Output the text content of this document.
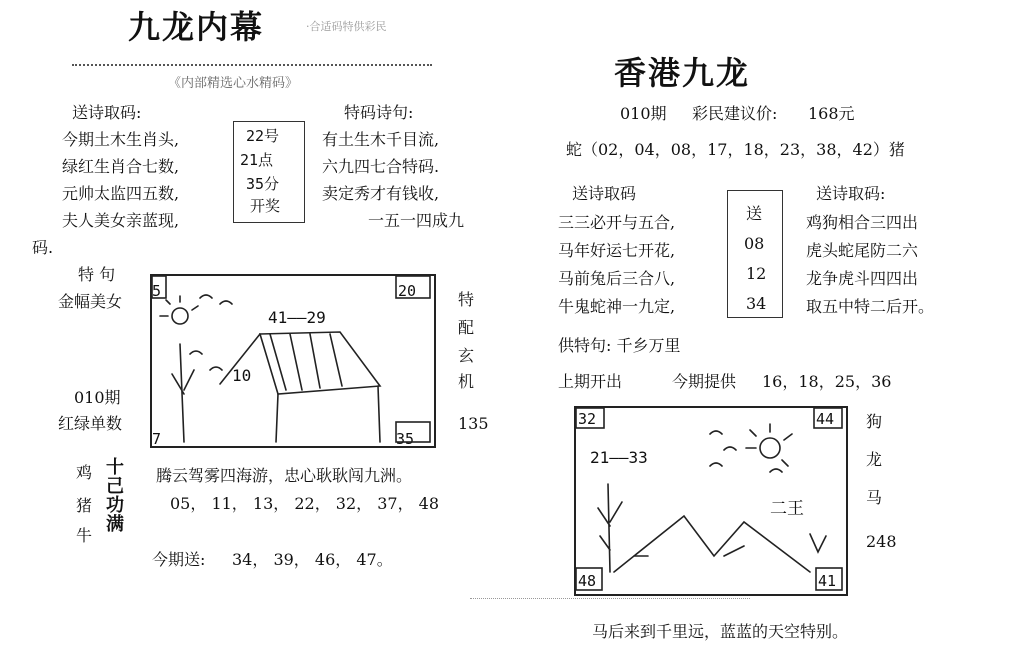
九龙内幕	·合适码特供彩民
《内部精选心水精码》
送诗取码:	特码诗句:
今期土木生肖头,
绿红生肖合七数,
元帅太监四五数,
夫人美女亲蓝现,
22号
21点
35分
开奖
有土生木千目流,
六九四七合特码.
卖定秀才有钱收,
一五一四成九
码.
特 句
金幅美女
010期
红绿单数
5	20
7	35
41——29
10
特
配
玄
机
135
鸡
猪
牛
十
己
功
满
腾云驾雾四海游，忠心耿耿闯九洲。
05， 11， 13， 22， 32， 37， 48
今期送: 34， 39， 46， 47。
香港九龙
010期 彩民建议价: 168元
蛇（02，04，08，17，18，23，38，42）猪
送诗取码	送诗取码:
三三必开与五合,
马年好运七开花,
马前兔后三合八,
牛鬼蛇神一九定,
送
08
12
34
鸡狗相合三四出
虎头蛇尾防二六
龙争虎斗四四出
取五中特二后开。
供特句: 千乡万里
上期开出	今期提供 16，18，25，36
32	44
48	41
21——33
二王
狗
龙
马
248
马后来到千里远，蓝蓝的天空特别。
